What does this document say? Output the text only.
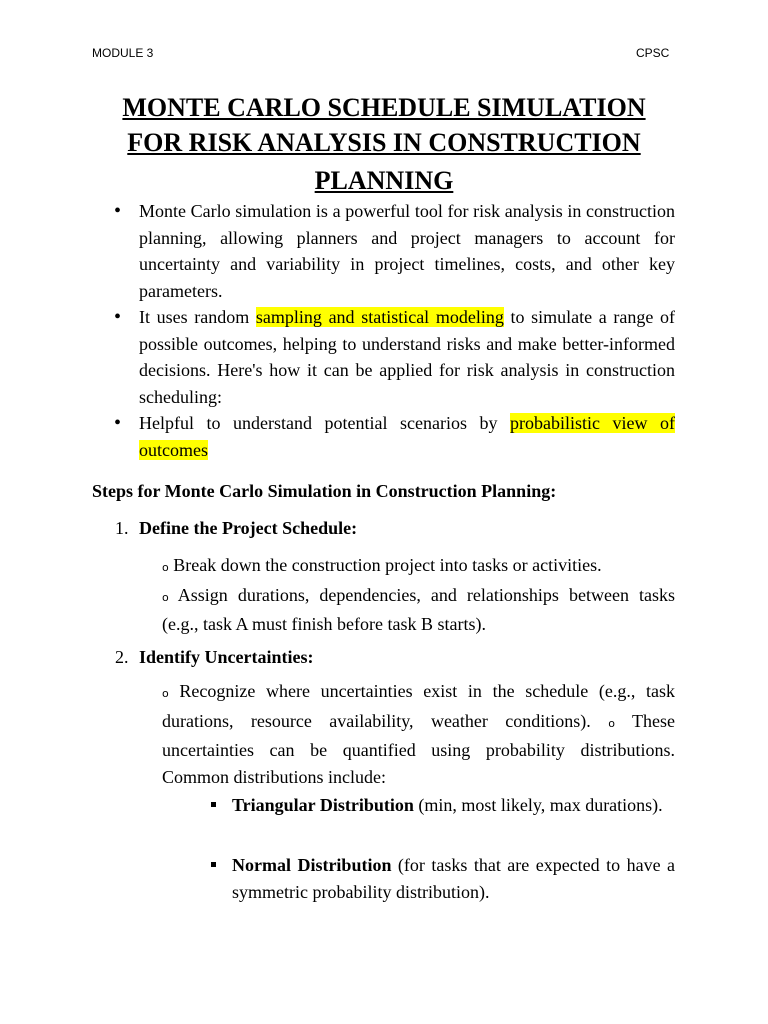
MODULE 3	CPSC
MONTE CARLO SCHEDULE SIMULATION
FOR RISK ANALYSIS IN CONSTRUCTION

PLANNING
• Monte Carlo simulation is a powerful tool for risk analysis in construction planning, allowing planners and project managers to account for uncertainty and variability in project timelines, costs, and other key parameters.
• It uses random sampling and statistical modeling to simulate a range of possible outcomes, helping to understand risks and make better-informed decisions. Here's how it can be applied for risk analysis in construction scheduling:
• Helpful to understand potential scenarios by probabilistic view of outcomes
Steps for Monte Carlo Simulation in Construction Planning:
1. Define the Project Schedule:
o Break down the construction project into tasks or activities.
o Assign durations, dependencies, and relationships between tasks (e.g., task A must finish before task B starts).
2. Identify Uncertainties:
o Recognize where uncertainties exist in the schedule (e.g., task durations, resource availability, weather conditions). o These uncertainties can be quantified using probability distributions. Common distributions include:
Triangular Distribution (min, most likely, max durations).
Normal Distribution (for tasks that are expected to have a symmetric probability distribution).
